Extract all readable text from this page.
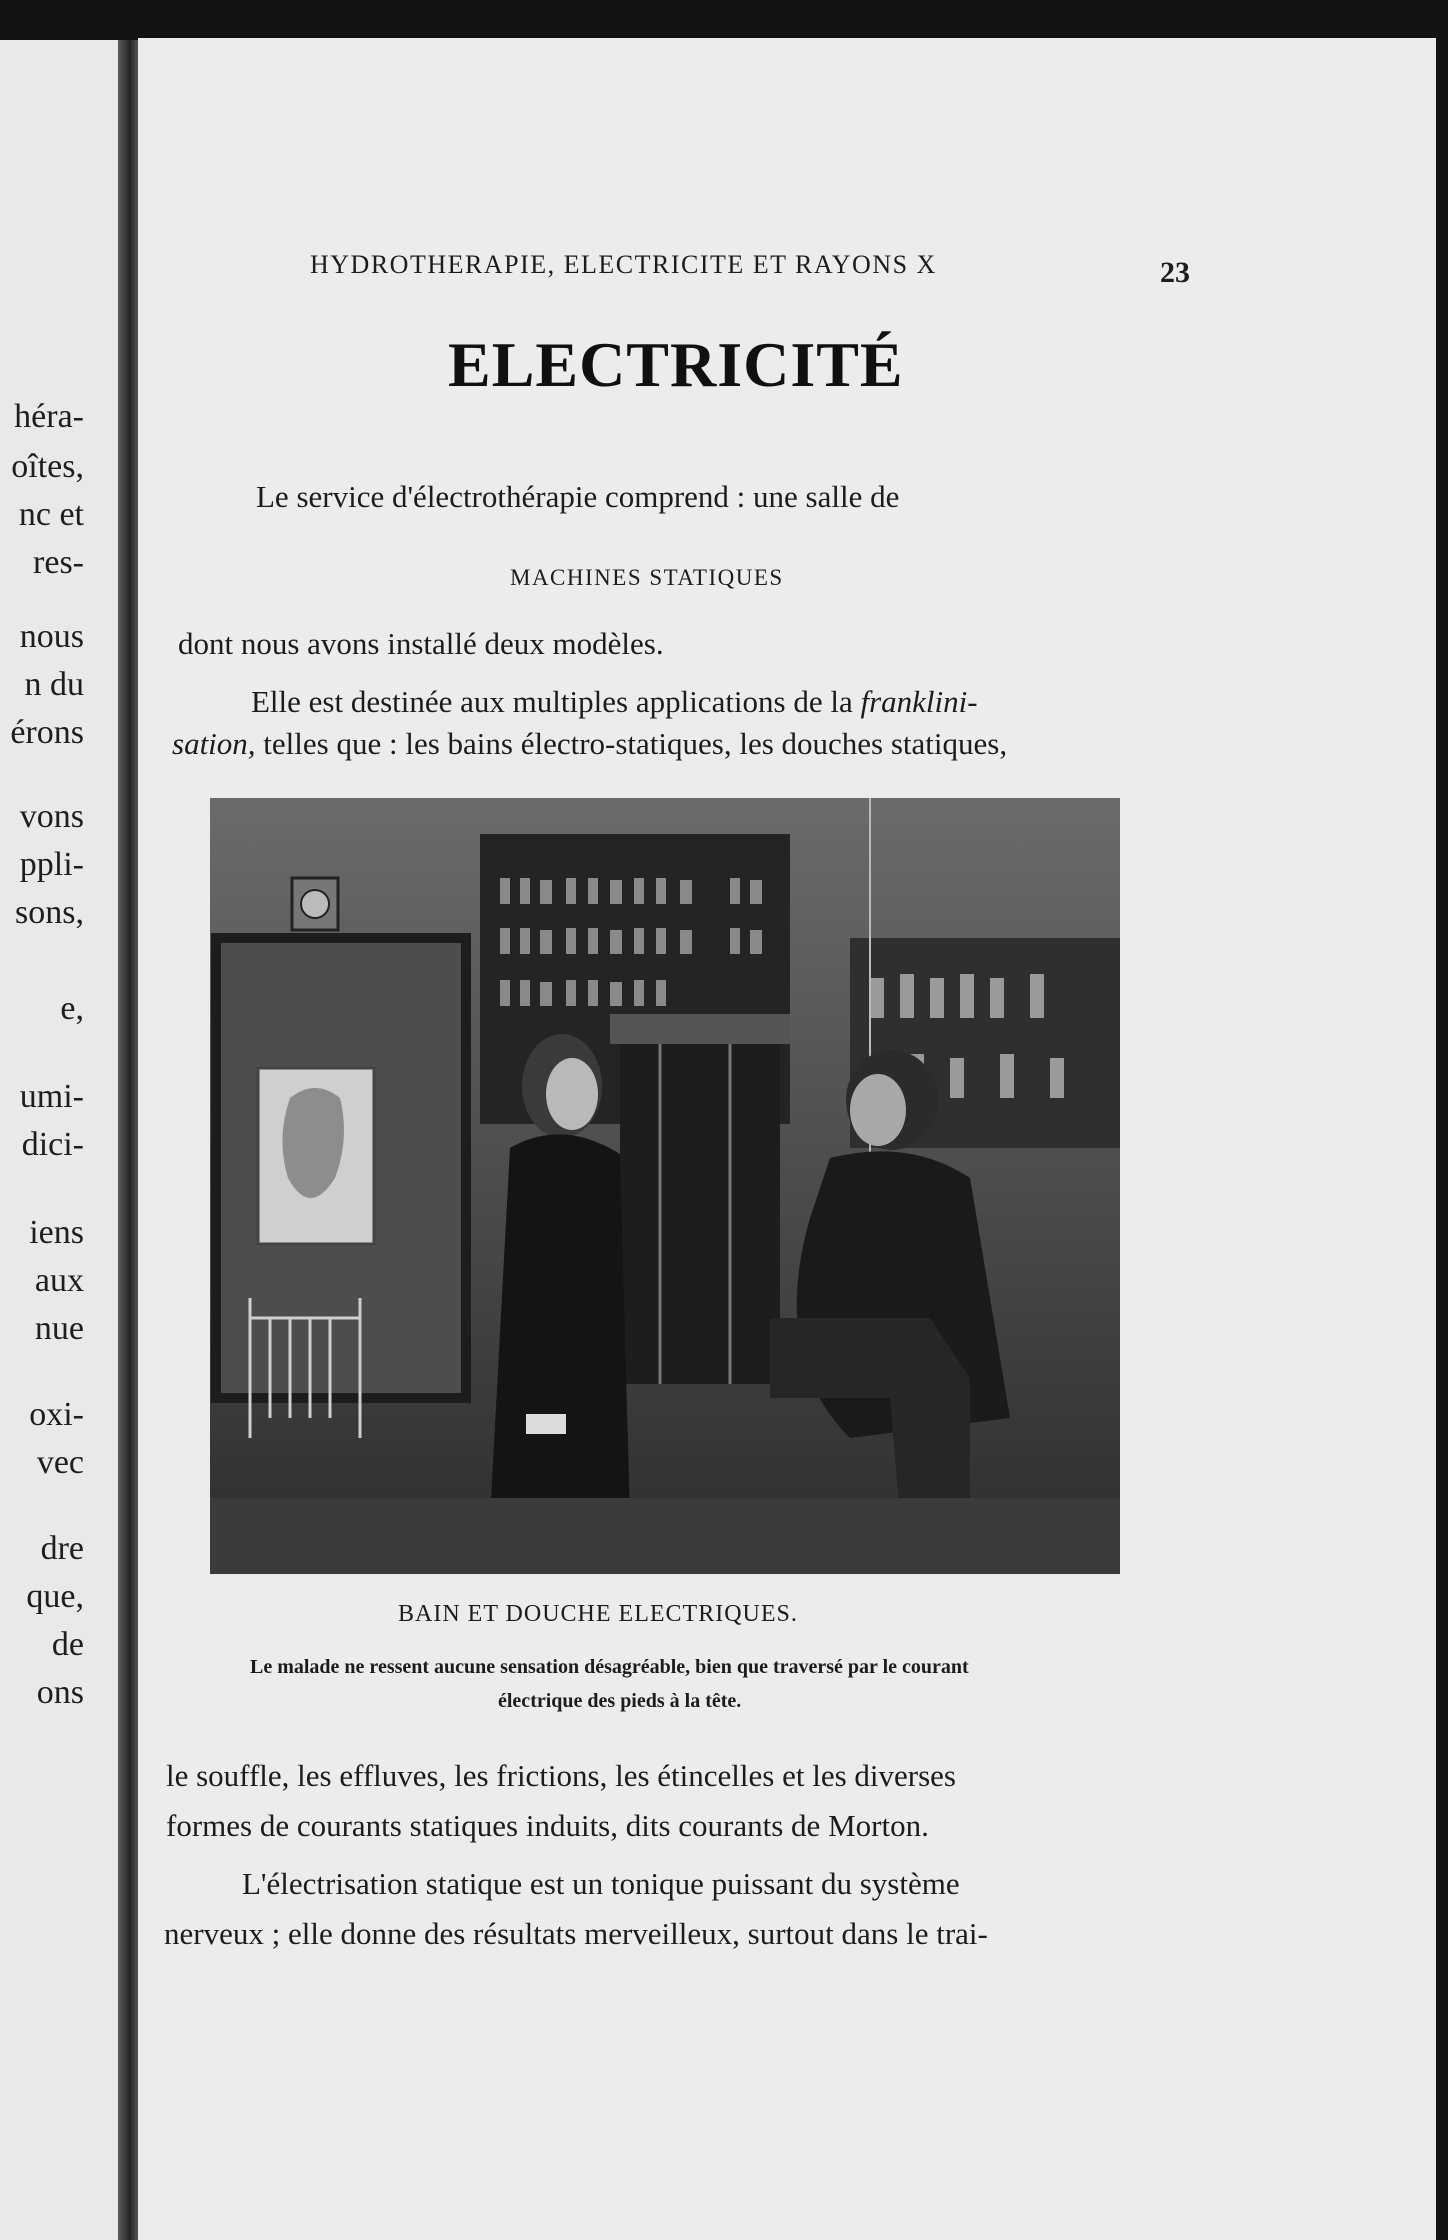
héra-
oîtes,
nc et
res-
nous
n du
érons
vons
ppli-
sons,
e,
umi-
dici-
iens
aux
nue
oxi-
vec
dre
que,
de
ons
HYDROTHERAPIE, ELECTRICITE ET RAYONS X	23
ELECTRICITÉ
Le service d'électrothérapie comprend : une salle de
MACHINES STATIQUES
dont nous avons installé deux modèles.
Elle est destinée aux multiples applications de la franklini-
sation, telles que : les bains électro-statiques, les douches statiques,
BAIN ET DOUCHE ELECTRIQUES.
Le malade ne ressent aucune sensation désagréable, bien que traversé par le courant
électrique des pieds à la tête.
le souffle, les effluves, les frictions, les étincelles et les diverses
formes de courants statiques induits, dits courants de Morton.
L'électrisation statique est un tonique puissant du système
nerveux ; elle donne des résultats merveilleux, surtout dans le trai-
